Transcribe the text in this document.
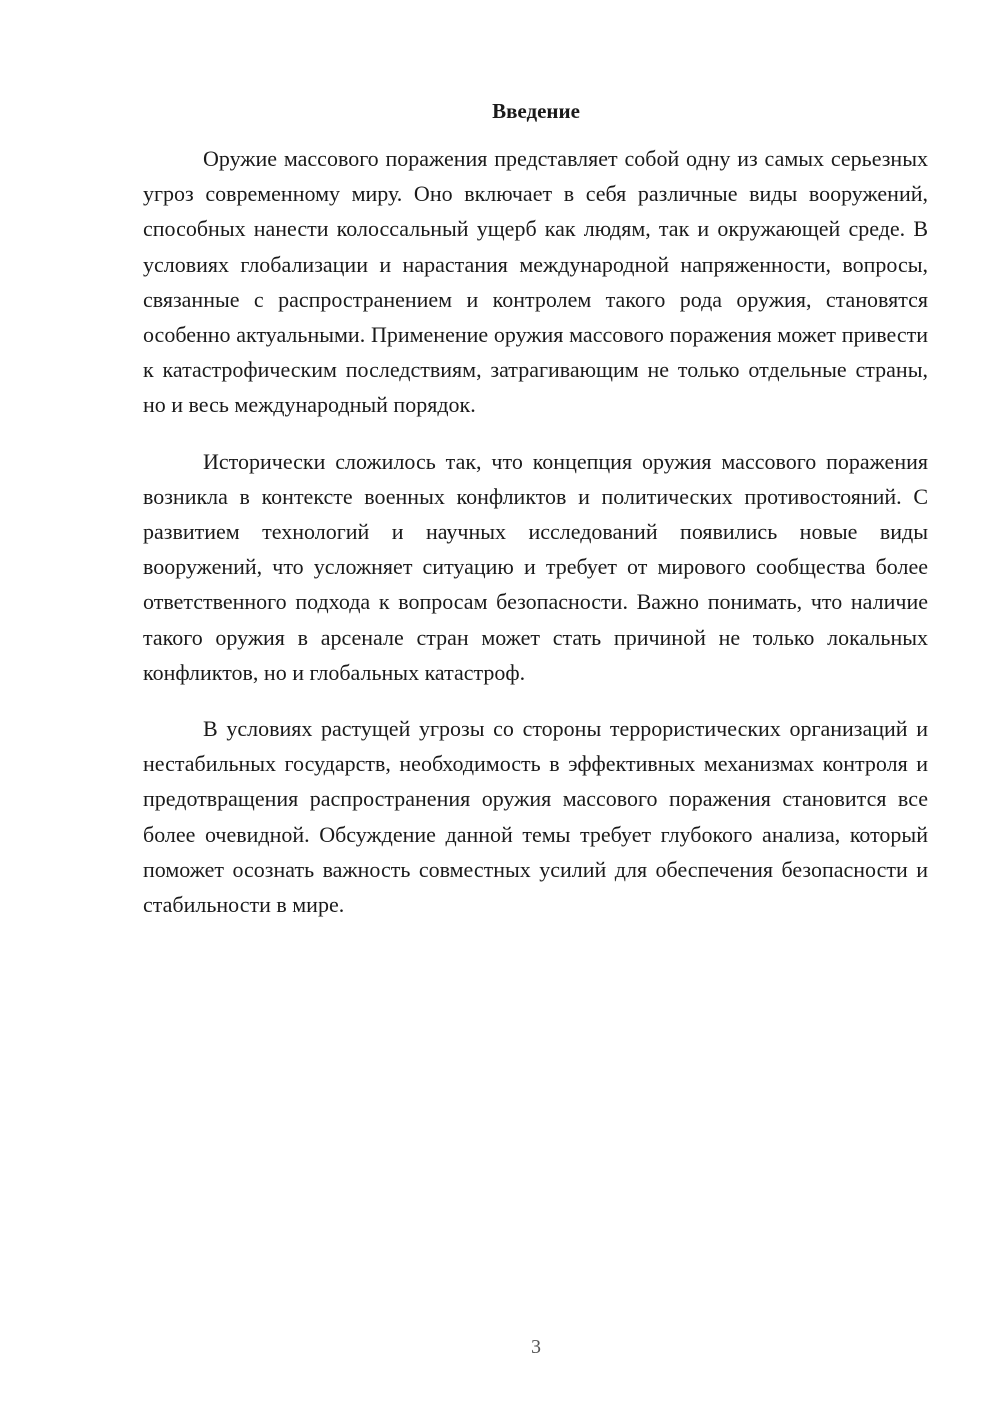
Введение

Оружие массового поражения представляет собой одну из самых серьезных угроз современному миру. Оно включает в себя различные виды вооружений, способных нанести колоссальный ущерб как людям, так и окружающей среде. В условиях глобализации и нарастания международной напряженности, вопросы, связанные с распространением и контролем такого рода оружия, становятся особенно актуальными. Применение оружия массового поражения может привести к катастрофическим последствиям, затрагивающим не только отдельные страны, но и весь международный порядок.

Исторически сложилось так, что концепция оружия массового поражения возникла в контексте военных конфликтов и политических противостояний. С развитием технологий и научных исследований появились новые виды вооружений, что усложняет ситуацию и требует от мирового сообщества более ответственного подхода к вопросам безопасности. Важно понимать, что наличие такого оружия в арсенале стран может стать причиной не только локальных конфликтов, но и глобальных катастроф.

В условиях растущей угрозы со стороны террористических организаций и нестабильных государств, необходимость в эффективных механизмах контроля и предотвращения распространения оружия массового поражения становится все более очевидной. Обсуждение данной темы требует глубокого анализа, который поможет осознать важность совместных усилий для обеспечения безопасности и стабильности в мире.

3
